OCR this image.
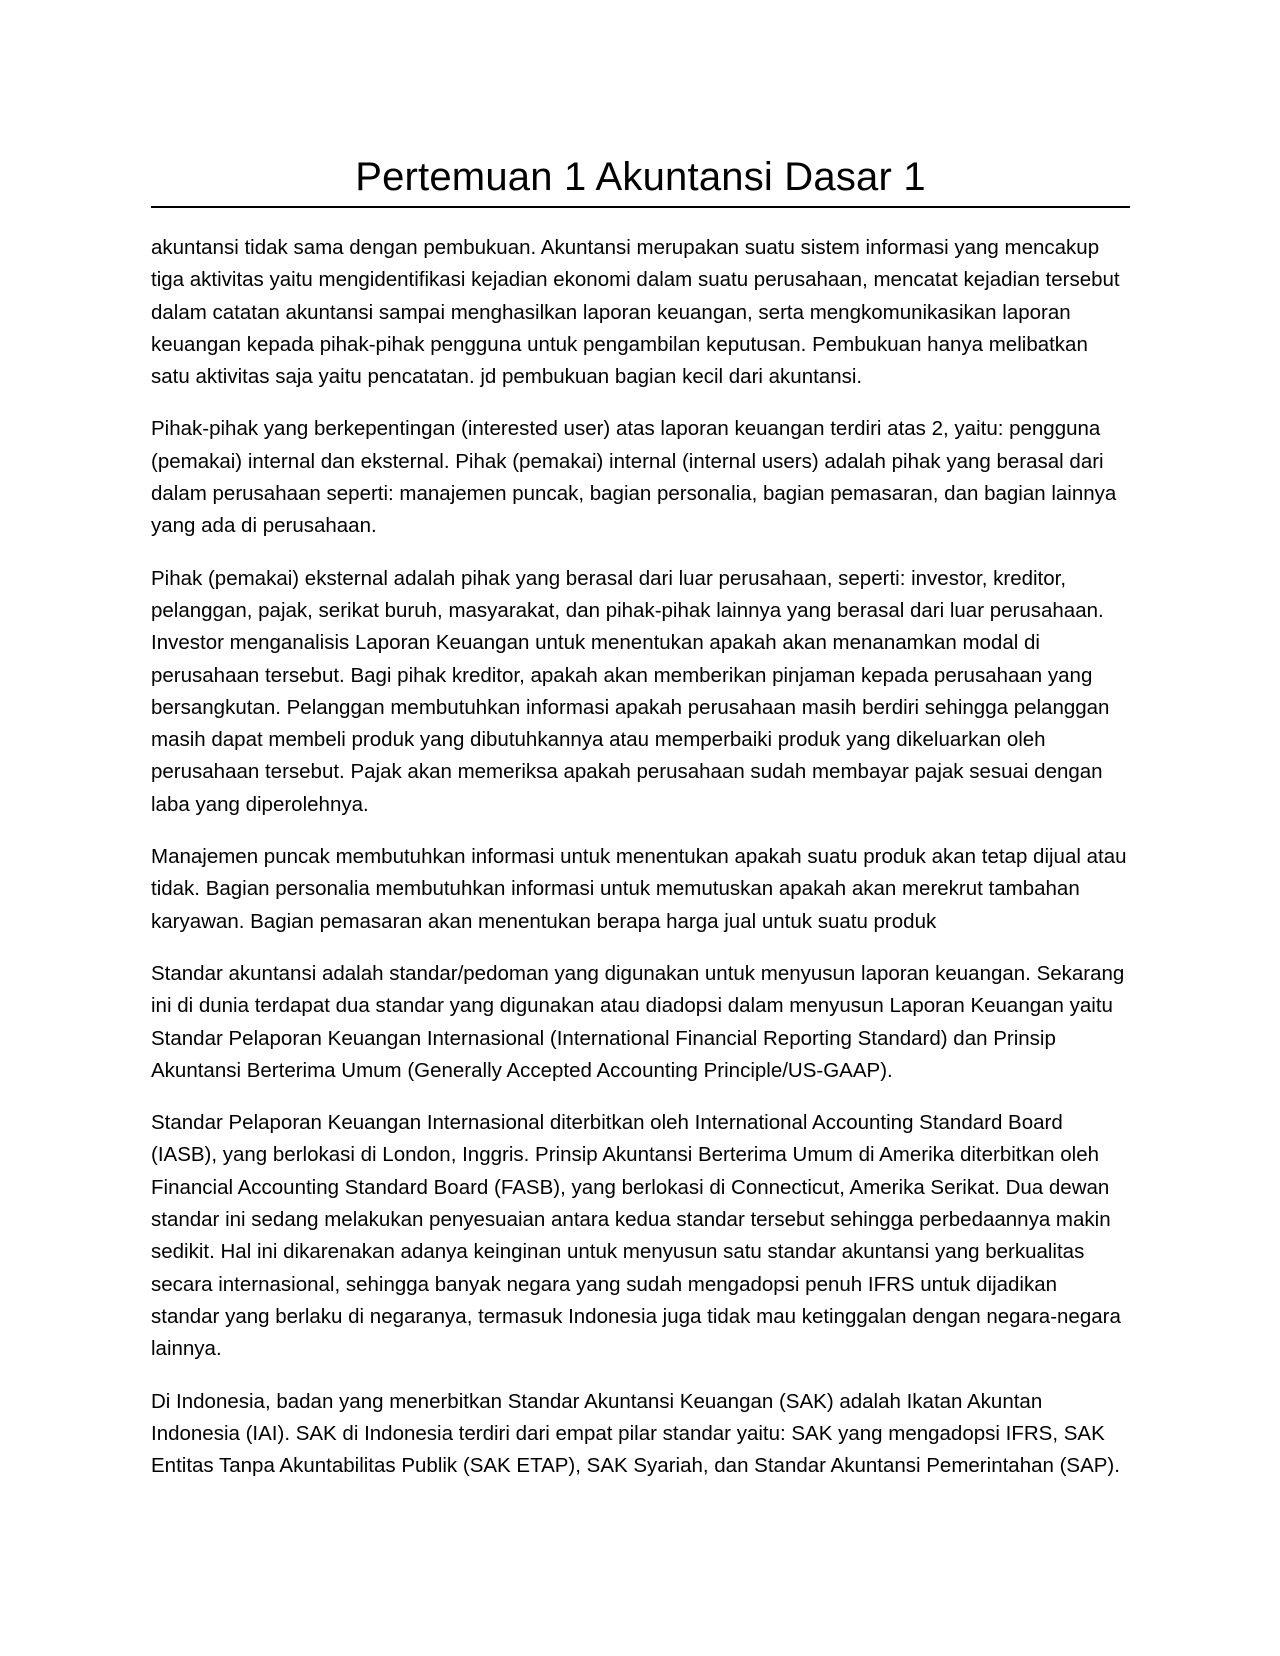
Pertemuan 1 Akuntansi Dasar 1

akuntansi tidak sama dengan pembukuan. Akuntansi merupakan suatu sistem informasi yang mencakup tiga aktivitas yaitu mengidentifikasi kejadian ekonomi dalam suatu perusahaan, mencatat kejadian tersebut dalam catatan akuntansi sampai menghasilkan laporan keuangan, serta mengkomunikasikan laporan keuangan kepada pihak-pihak pengguna untuk pengambilan keputusan. Pembukuan hanya melibatkan satu aktivitas saja yaitu pencatatan. jd pembukuan bagian kecil dari akuntansi.

Pihak-pihak yang berkepentingan (interested user) atas laporan keuangan terdiri atas 2, yaitu: pengguna (pemakai) internal dan eksternal. Pihak (pemakai) internal (internal users) adalah pihak yang berasal dari dalam perusahaan seperti: manajemen puncak, bagian personalia, bagian pemasaran, dan bagian lainnya yang ada di perusahaan.

Pihak (pemakai) eksternal adalah pihak yang berasal dari luar perusahaan, seperti: investor, kreditor, pelanggan, pajak, serikat buruh, masyarakat, dan pihak-pihak lainnya yang berasal dari luar perusahaan. Investor menganalisis Laporan Keuangan untuk menentukan apakah akan menanamkan modal di perusahaan tersebut. Bagi pihak kreditor, apakah akan memberikan pinjaman kepada perusahaan yang bersangkutan. Pelanggan membutuhkan informasi apakah perusahaan masih berdiri sehingga pelanggan masih dapat membeli produk yang dibutuhkannya atau memperbaiki produk yang dikeluarkan oleh perusahaan tersebut. Pajak akan memeriksa apakah perusahaan sudah membayar pajak sesuai dengan laba yang diperolehnya.

Manajemen puncak membutuhkan informasi untuk menentukan apakah suatu produk akan tetap dijual atau tidak. Bagian personalia membutuhkan informasi untuk memutuskan apakah akan merekrut tambahan karyawan. Bagian pemasaran akan menentukan berapa harga jual untuk suatu produk

Standar akuntansi adalah standar/pedoman yang digunakan untuk menyusun laporan keuangan. Sekarang ini di dunia terdapat dua standar yang digunakan atau diadopsi dalam menyusun Laporan Keuangan yaitu Standar Pelaporan Keuangan Internasional (International Financial Reporting Standard) dan Prinsip Akuntansi Berterima Umum (Generally Accepted Accounting Principle/US-GAAP).

Standar Pelaporan Keuangan Internasional diterbitkan oleh International Accounting Standard Board (IASB), yang berlokasi di London, Inggris. Prinsip Akuntansi Berterima Umum di Amerika diterbitkan oleh Financial Accounting Standard Board (FASB), yang berlokasi di Connecticut, Amerika Serikat. Dua dewan standar ini sedang melakukan penyesuaian antara kedua standar tersebut sehingga perbedaannya makin sedikit. Hal ini dikarenakan adanya keinginan untuk menyusun satu standar akuntansi yang berkualitas secara internasional, sehingga banyak negara yang sudah mengadopsi penuh IFRS untuk dijadikan standar yang berlaku di negaranya, termasuk Indonesia juga tidak mau ketinggalan dengan negara-negara lainnya.

Di Indonesia, badan yang menerbitkan Standar Akuntansi Keuangan (SAK) adalah Ikatan Akuntan Indonesia (IAI). SAK di Indonesia terdiri dari empat pilar standar yaitu: SAK yang mengadopsi IFRS, SAK Entitas Tanpa Akuntabilitas Publik (SAK ETAP), SAK Syariah, dan Standar Akuntansi Pemerintahan (SAP).
